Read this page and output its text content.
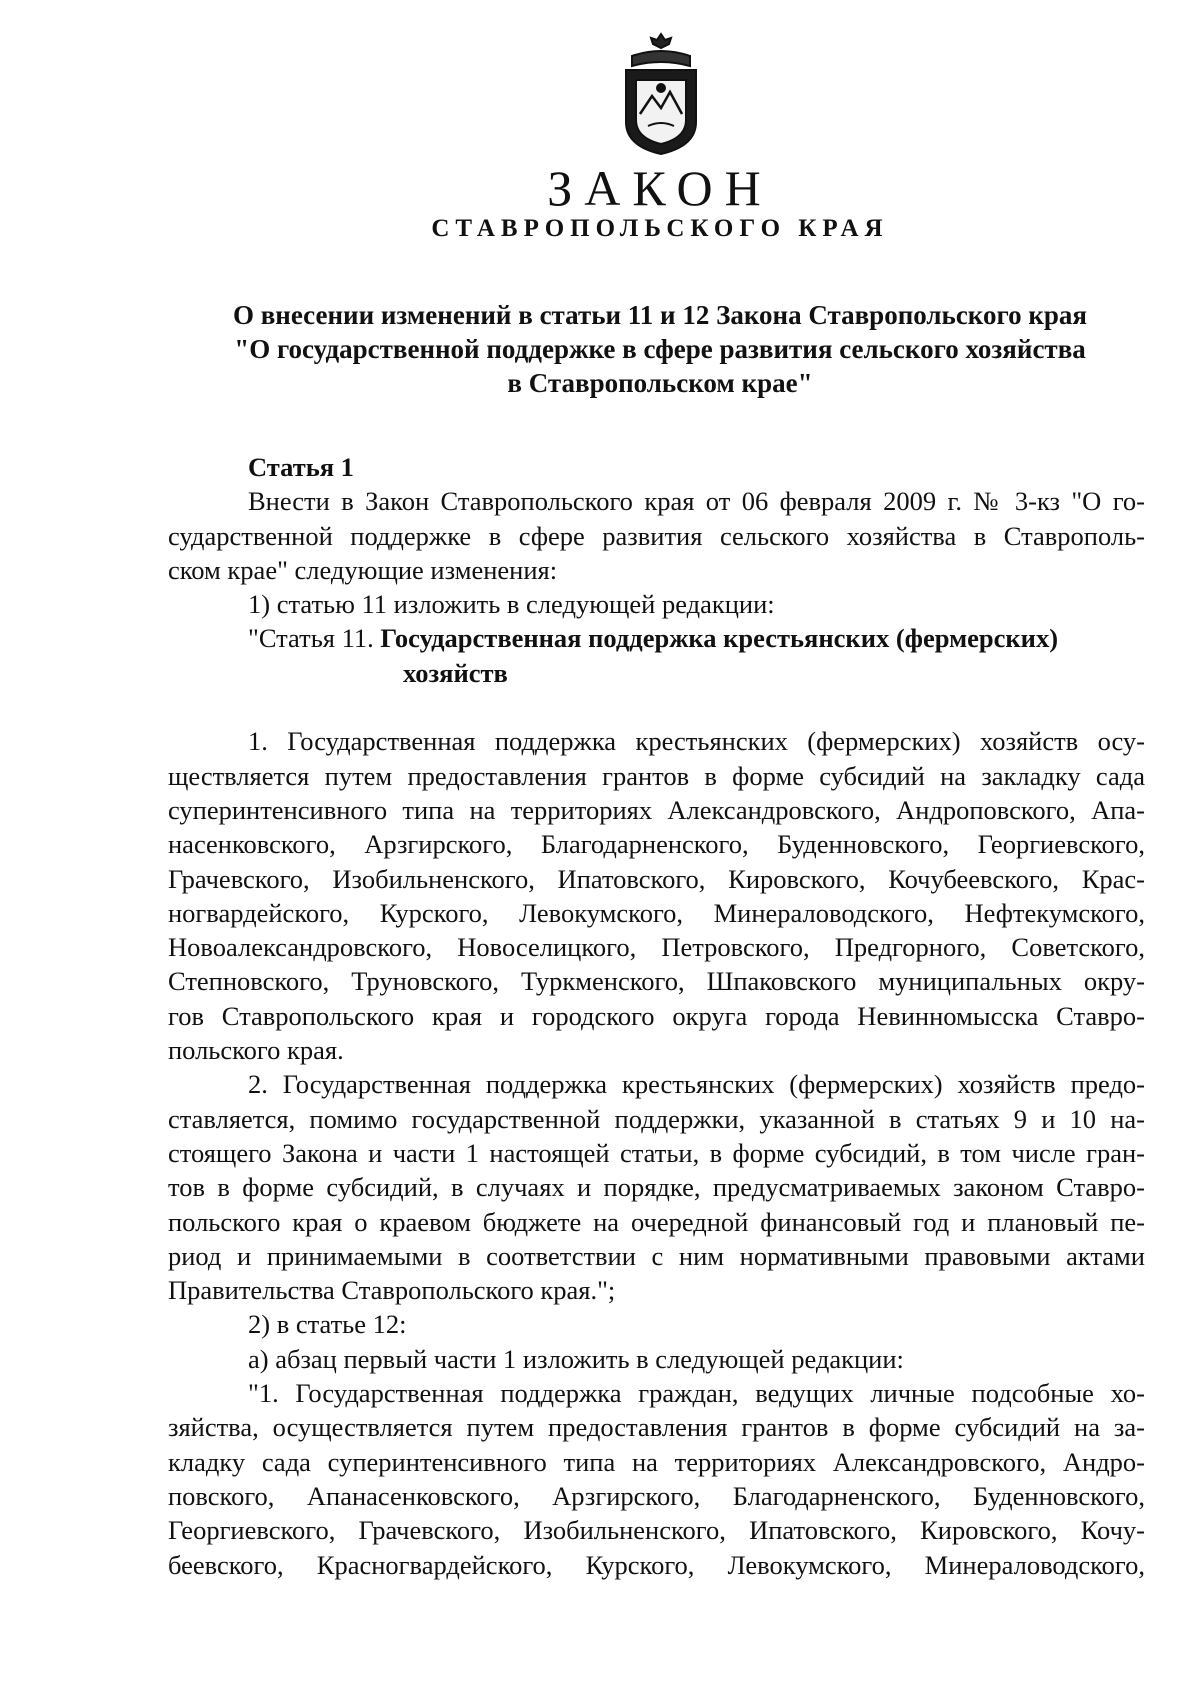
ЗАКОН
СТАВРОПОЛЬСКОГО КРАЯ
О внесении изменений в статьи 11 и 12 Закона Ставропольского края
"О государственной поддержке в сфере развития сельского хозяйства
в Ставропольском крае"
Статья 1
Внести в Закон Ставропольского края от 06 февраля 2009 г. № 3-кз "О го-
сударственной поддержке в сфере развития сельского хозяйства в Ставрополь-
ском крае" следующие изменения:
1) статью 11 изложить в следующей редакции:
"Статья 11. Государственная поддержка крестьянских (фермерских)
хозяйств
1. Государственная поддержка крестьянских (фермерских) хозяйств осу-
ществляется путем предоставления грантов в форме субсидий на закладку сада
суперинтенсивного типа на территориях Александровского, Андроповского, Апа-
насенковского, Арзгирского, Благодарненского, Буденновского, Георгиевского,
Грачевского, Изобильненского, Ипатовского, Кировского, Кочубеевского, Крас-
ногвардейского, Курского, Левокумского, Минераловодского, Нефтекумского,
Новоалександровского, Новоселицкого, Петровского, Предгорного, Советского,
Степновского, Труновского, Туркменского, Шпаковского муниципальных окру-
гов Ставропольского края и городского округа города Невинномысска Ставро-
польского края.
2. Государственная поддержка крестьянских (фермерских) хозяйств предо-
ставляется, помимо государственной поддержки, указанной в статьях 9 и 10 на-
стоящего Закона и части 1 настоящей статьи, в форме субсидий, в том числе гран-
тов в форме субсидий, в случаях и порядке, предусматриваемых законом Ставро-
польского края о краевом бюджете на очередной финансовый год и плановый пе-
риод и принимаемыми в соответствии с ним нормативными правовыми актами
Правительства Ставропольского края.";
2) в статье 12:
а) абзац первый части 1 изложить в следующей редакции:
"1. Государственная поддержка граждан, ведущих личные подсобные хо-
зяйства, осуществляется путем предоставления грантов в форме субсидий на за-
кладку сада суперинтенсивного типа на территориях Александровского, Андро-
повского, Апанасенковского, Арзгирского, Благодарненского, Буденновского,
Георгиевского, Грачевского, Изобильненского, Ипатовского, Кировского, Кочу-
беевского, Красногвардейского, Курского, Левокумского, Минераловодского,
